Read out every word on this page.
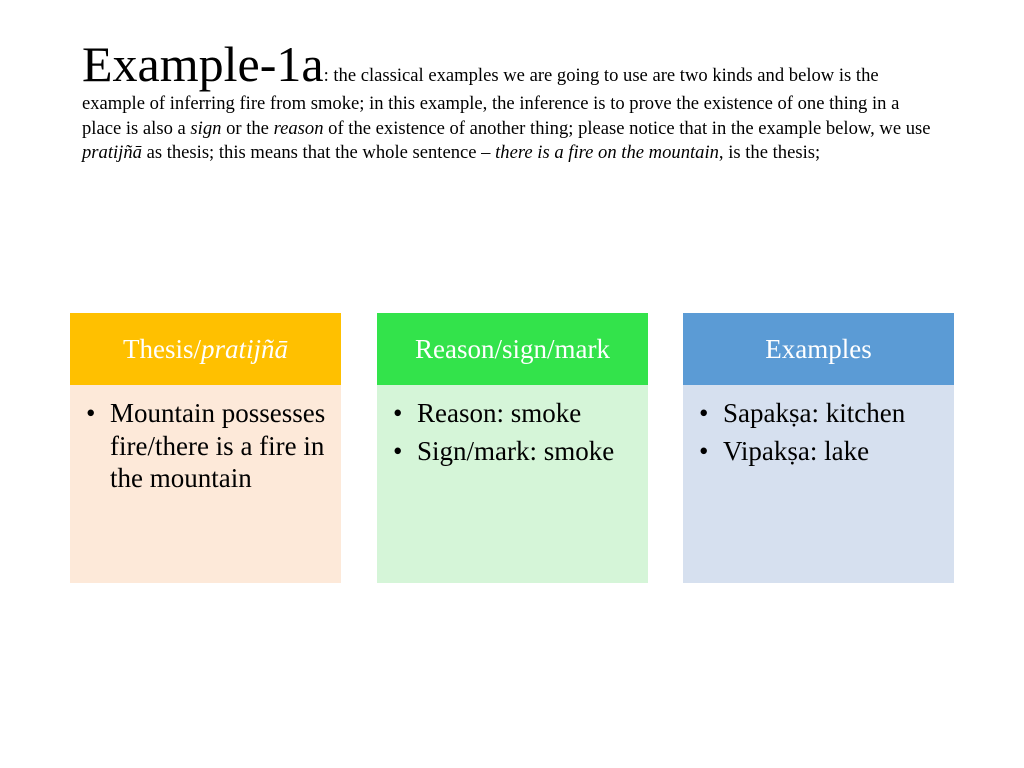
Example-1a: the classical examples we are going to use are two kinds and below is the example of inferring fire from smoke; in this example, the inference is to prove the existence of one thing in a place is also a sign or the reason of the existence of another thing; please notice that in the example below, we use pratijñā as thesis; this means that the whole sentence – there is a fire on the mountain, is the thesis;
Thesis/ pratijñā
• Mountain possesses fire/there is a fire in the mountain
Reason/sign/mark
• Reason: smoke
• Sign/mark: smoke
Examples
• Sapakṣa: kitchen
• Vipakṣa: lake
